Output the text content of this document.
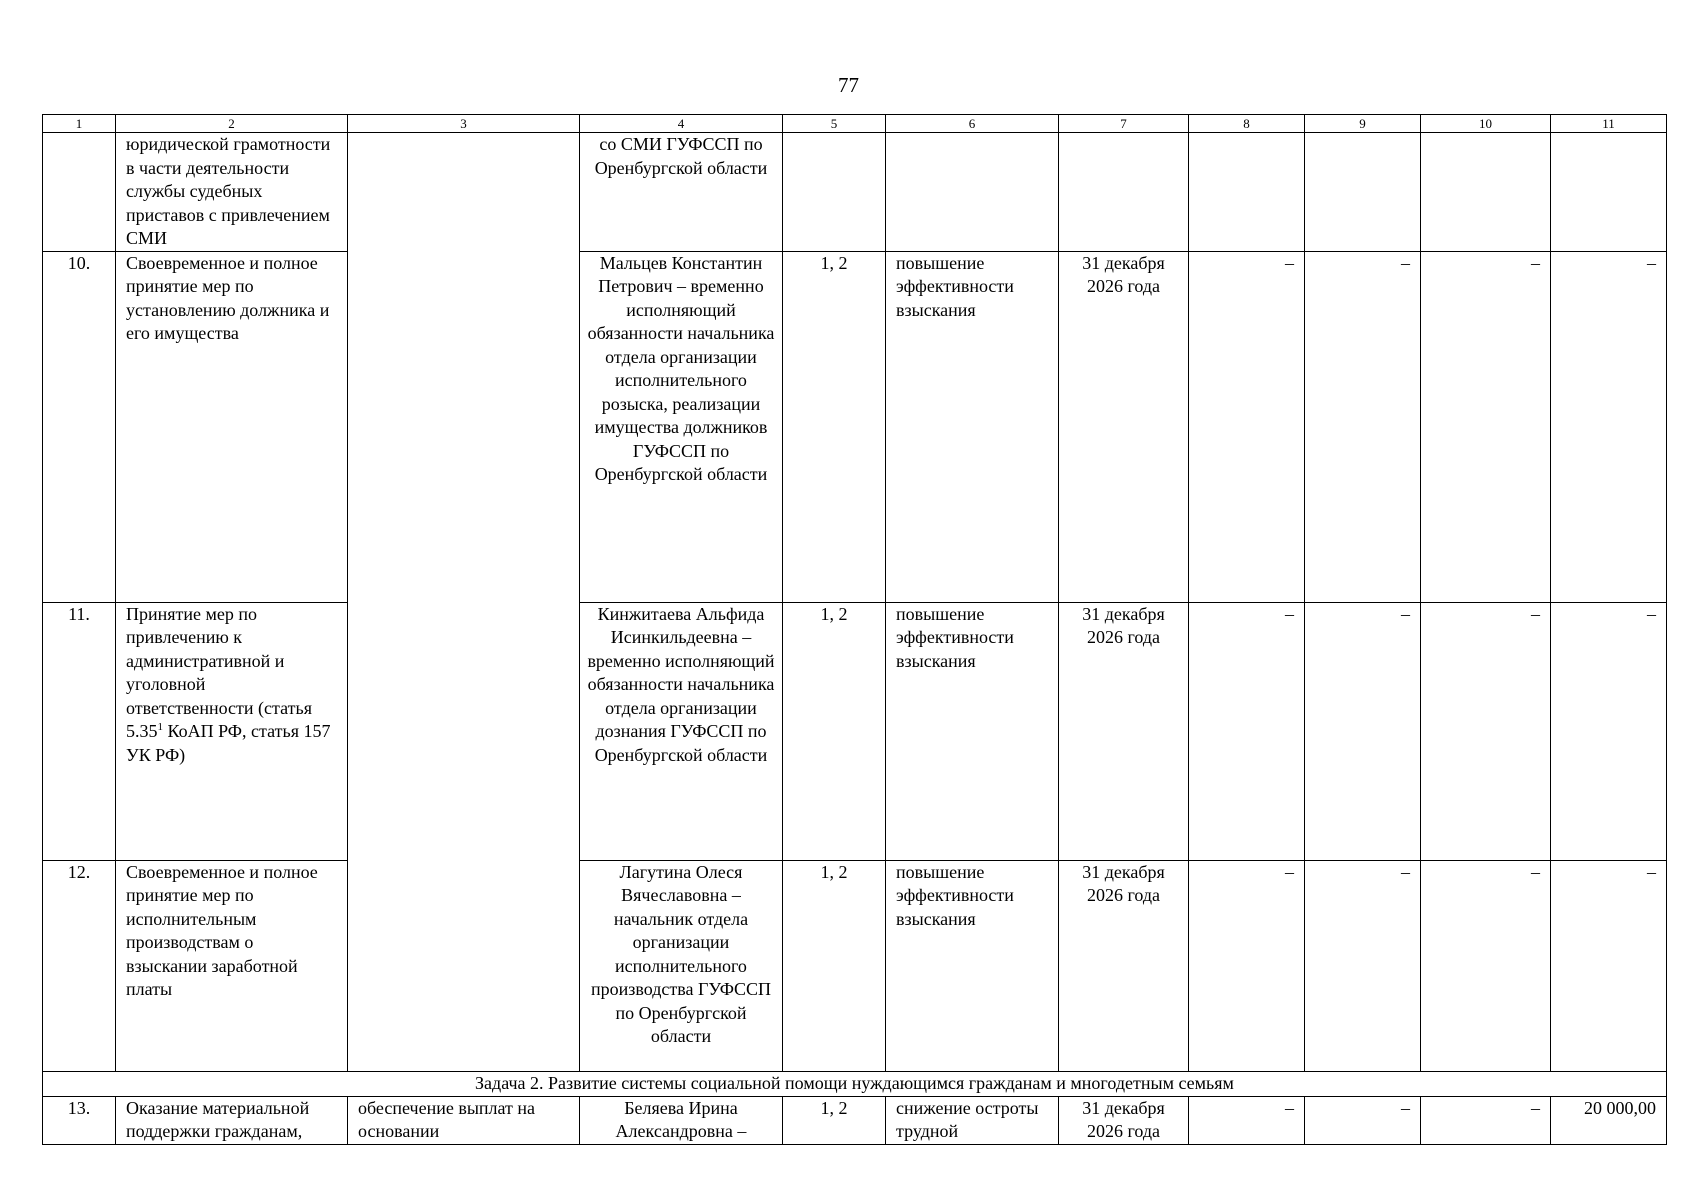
77
1	2	3	4	5	6	7	8	9	10	11
	юридической грамотности в части деятельности службы судебных приставов с привлечением СМИ		со СМИ ГУФССП по Оренбургской области							
10.	Своевременное и полное принятие мер по установлению должника и его имущества		Мальцев Константин Петрович – временно исполняющий обязанности начальника отдела организации исполнительного розыска, реализации имущества должников ГУФССП по Оренбургской области	1, 2	повышение эффективности взыскания	31 декабря 2026 года	–	–	–	–
11.	Принятие мер по привлечению к административной и уголовной ответственности (статья 5.35$^1$ КоАП РФ, статья 157 УК РФ)		Кинжитаева Альфида Исинкильдеевна – временно исполняющий обязанности начальника отдела организации дознания ГУФССП по Оренбургской области	1, 2	повышение эффективности взыскания	31 декабря 2026 года	–	–	–	–
12.	Своевременное и полное принятие мер по исполнительным производствам о взыскании заработной платы		Лагутина Олеся Вячеславовна – начальник отдела организации исполнительного производства ГУФССП по Оренбургской области	1, 2	повышение эффективности взыскания	31 декабря 2026 года	–	–	–	–
Задача 2. Развитие системы социальной помощи нуждающимся гражданам и многодетным семьям										
13.	Оказание материальной поддержки гражданам,	обеспечение выплат на основании	Беляева Ирина Александровна –	1, 2	снижение остроты трудной	31 декабря 2026 года	–	–	–	20 000,00
